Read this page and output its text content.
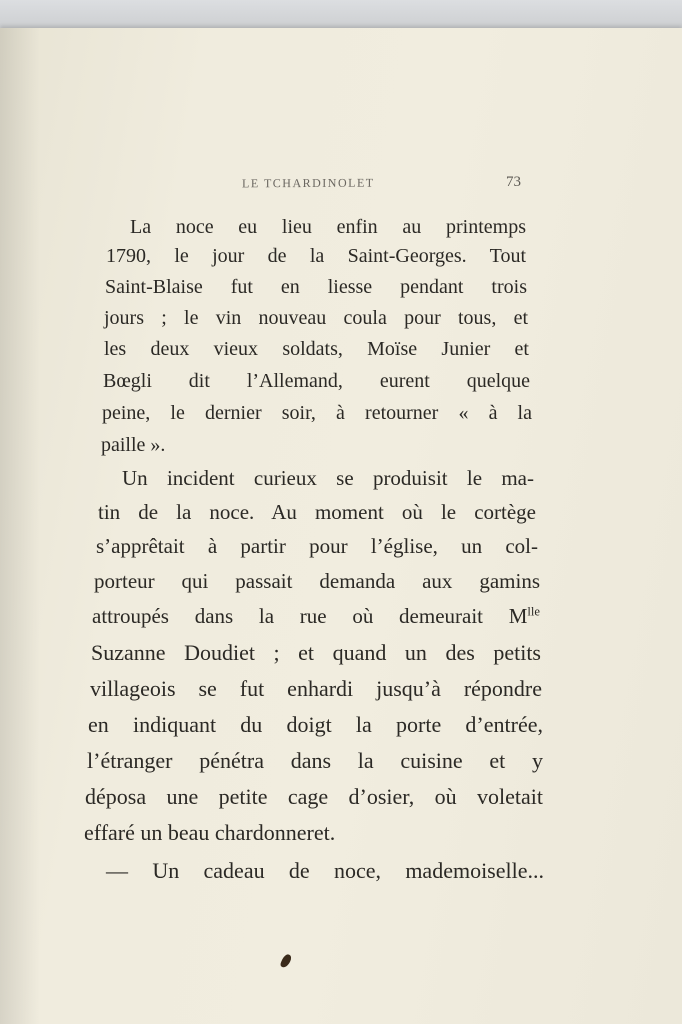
LE TCHARDINOLET	73
La noce eu lieu enfin au printemps
1790, le jour de la Saint-Georges. Tout
Saint-Blaise fut en liesse pendant trois
jours ; le vin nouveau coula pour tous, et
les deux vieux soldats, Moïse Junier et
Bœgli dit l’Allemand, eurent quelque
peine, le dernier soir, à retourner « à la
paille ».
Un incident curieux se produisit le ma-
tin de la noce. Au moment où le cortège
s’apprêtait à partir pour l’église, un col-
porteur qui passait demanda aux gamins
attroupés dans la rue où demeurait $M^{lle}$
Suzanne Doudiet ; et quand un des petits
villageois se fut enhardi jusqu’à répondre
en indiquant du doigt la porte d’entrée,
l’étranger pénétra dans la cuisine et y
déposa une petite cage d’osier, où voletait
effaré un beau chardonneret.
— Un cadeau de noce, mademoiselle...
